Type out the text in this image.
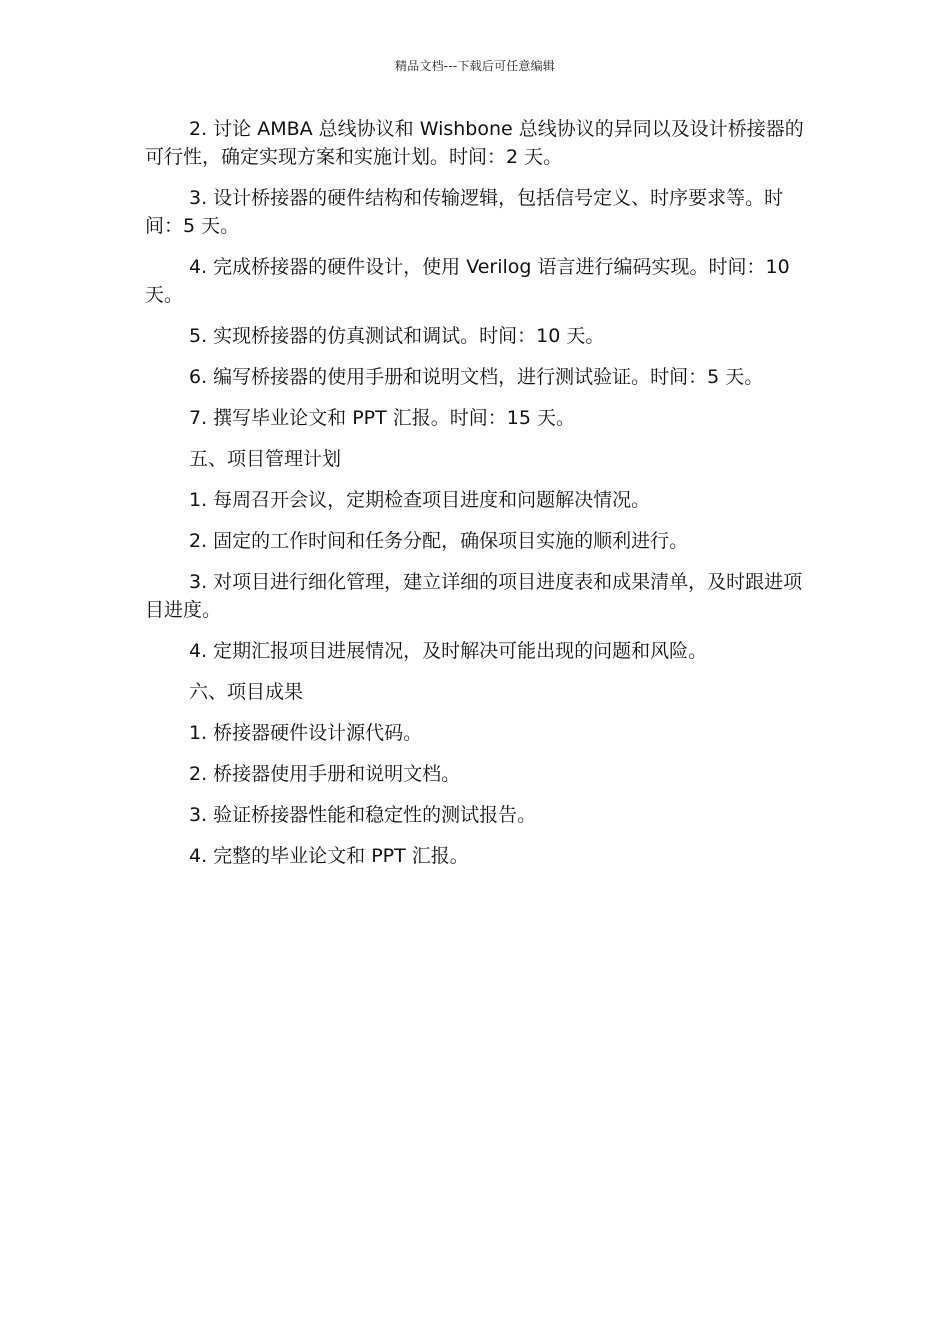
精品文档---下载后可任意编辑

2. 讨论 AMBA 总线协议和 Wishbone 总线协议的异同以及设计桥接器的可行性，确定实现方案和实施计划。时间：2 天。

3. 设计桥接器的硬件结构和传输逻辑，包括信号定义、时序要求等。时间：5 天。

4. 完成桥接器的硬件设计，使用 Verilog 语言进行编码实现。时间：10 天。

5. 实现桥接器的仿真测试和调试。时间：10 天。

6. 编写桥接器的使用手册和说明文档，进行测试验证。时间：5 天。

7. 撰写毕业论文和 PPT 汇报。时间：15 天。

五、项目管理计划

1. 每周召开会议，定期检查项目进度和问题解决情况。

2. 固定的工作时间和任务分配，确保项目实施的顺利进行。

3. 对项目进行细化管理，建立详细的项目进度表和成果清单，及时跟进项目进度。

4. 定期汇报项目进展情况，及时解决可能出现的问题和风险。

六、项目成果

1. 桥接器硬件设计源代码。

2. 桥接器使用手册和说明文档。

3. 验证桥接器性能和稳定性的测试报告。

4. 完整的毕业论文和 PPT 汇报。
